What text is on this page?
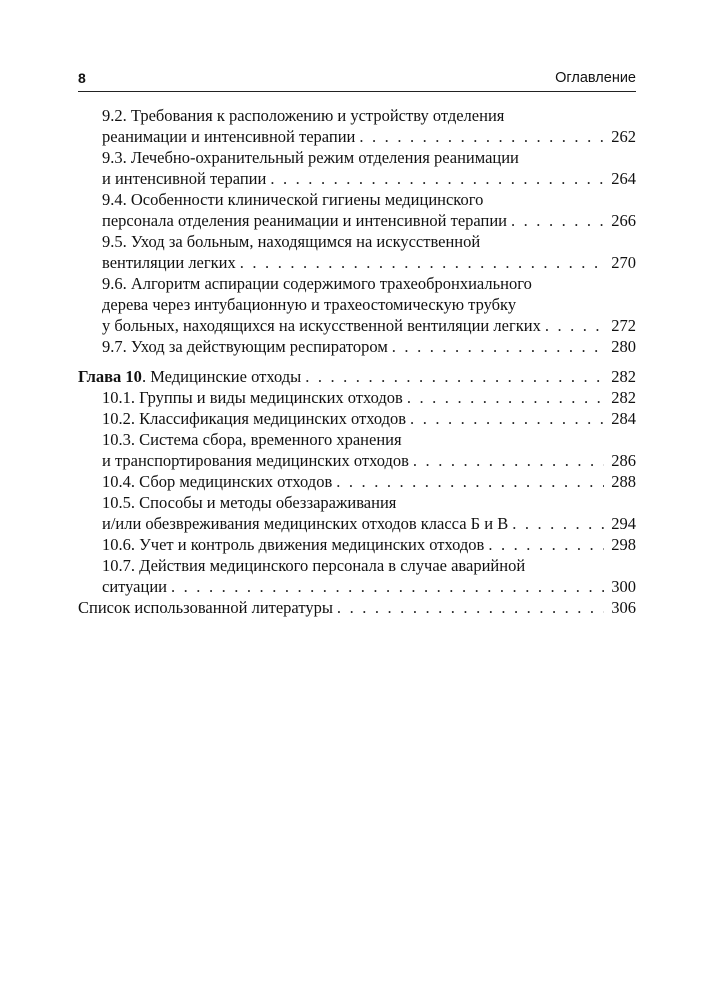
8	Оглавление
9.2. Требования к расположению и устройству отделения
реанимации и интенсивной терапии . . .	262
9.3. Лечебно-охранительный режим отделения реанимации
и интенсивной терапии . . .	264
9.4. Особенности клинической гигиены медицинского
персонала отделения реанимации и интенсивной терапии . . .	266
9.5. Уход за больным, находящимся на искусственной
вентиляции легких . . .	270
9.6. Алгоритм аспирации содержимого трахеобронхиального
дерева через интубационную и трахеостомическую трубку
у больных, находящихся на искусственной вентиляции легких . . .	272
9.7. Уход за действующим респиратором . . .	280
Глава 10. Медицинские отходы . . .	282
10.1. Группы и виды медицинских отходов . . .	282
10.2. Классификация медицинских отходов . . .	284
10.3. Система сбора, временного хранения
и транспортирования медицинских отходов . . .	286
10.4. Сбор медицинских отходов . . .	288
10.5. Способы и методы обеззараживания
и/или обезвреживания медицинских отходов класса Б и В . . .	294
10.6. Учет и контроль движения медицинских отходов . . .	298
10.7. Действия медицинского персонала в случае аварийной
ситуации . . .	300
Список использованной литературы . . .	306
